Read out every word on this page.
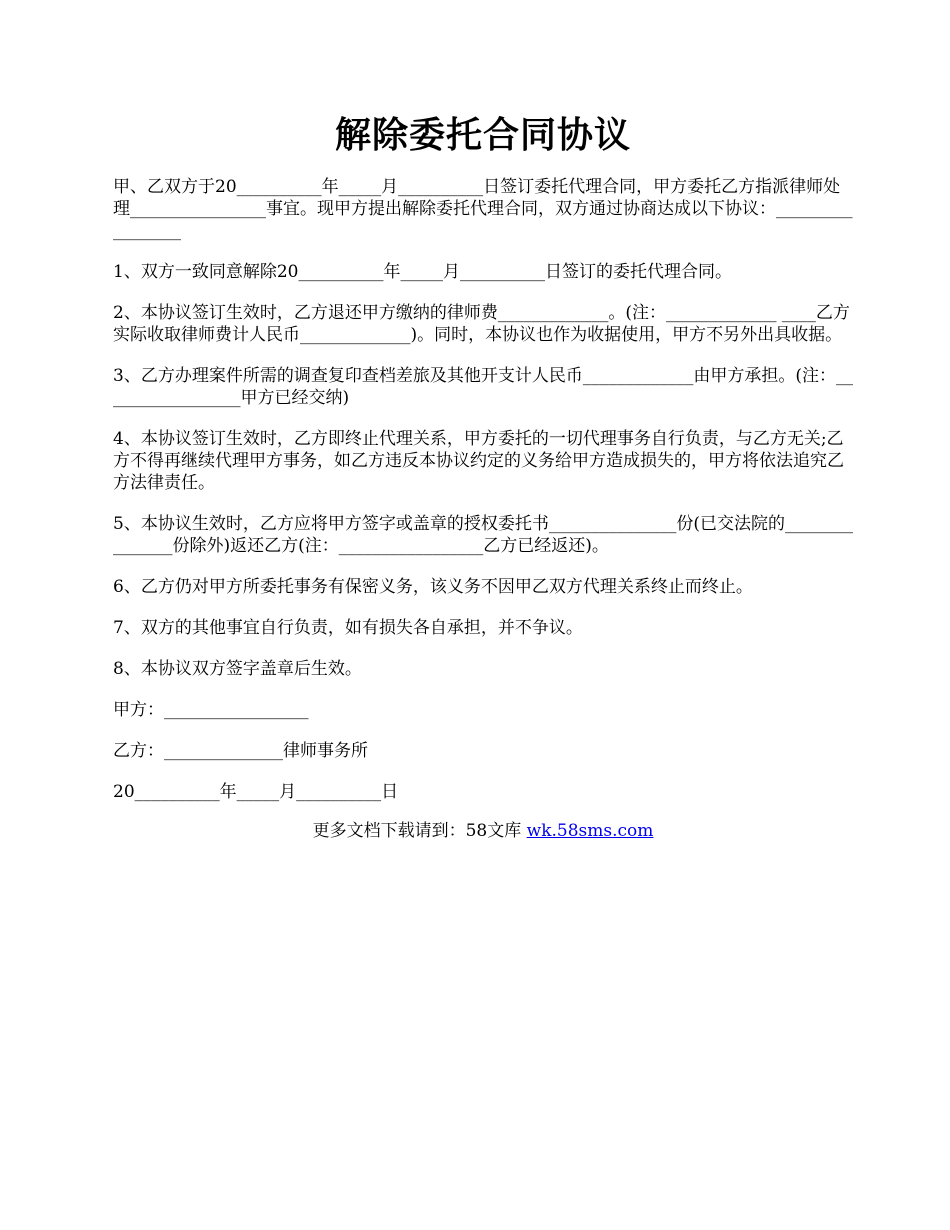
解除委托合同协议

甲、乙双方于20__________年_____月__________日签订委托代理合同，甲方委托乙方指派律师处理________________事宜。现甲方提出解除委托代理合同，双方通过协商达成以下协议：_________________

1、双方一致同意解除20__________年_____月__________日签订的委托代理合同。

2、本协议签订生效时，乙方退还甲方缴纳的律师费_____________。(注：_____________ ____乙方实际收取律师费计人民币_____________)。同时，本协议也作为收据使用，甲方不另外出具收据。

3、乙方办理案件所需的调查复印查档差旅及其他开支计人民币_____________由甲方承担。(注：_________________甲方已经交纳)

4、本协议签订生效时，乙方即终止代理关系，甲方委托的一切代理事务自行负责，与乙方无关;乙方不得再继续代理甲方事务，如乙方违反本协议约定的义务给甲方造成损失的，甲方将依法追究乙方法律责任。

5、本协议生效时，乙方应将甲方签字或盖章的授权委托书_______________份(已交法院的_______________份除外)返还乙方(注：_________________乙方已经返还)。

6、乙方仍对甲方所委托事务有保密义务，该义务不因甲乙双方代理关系终止而终止。

7、双方的其他事宜自行负责，如有损失各自承担，并不争议。

8、本协议双方签字盖章后生效。

甲方：_________________

乙方：______________律师事务所

20__________年_____月__________日

更多文档下载请到：58文库 wk.58sms.com
